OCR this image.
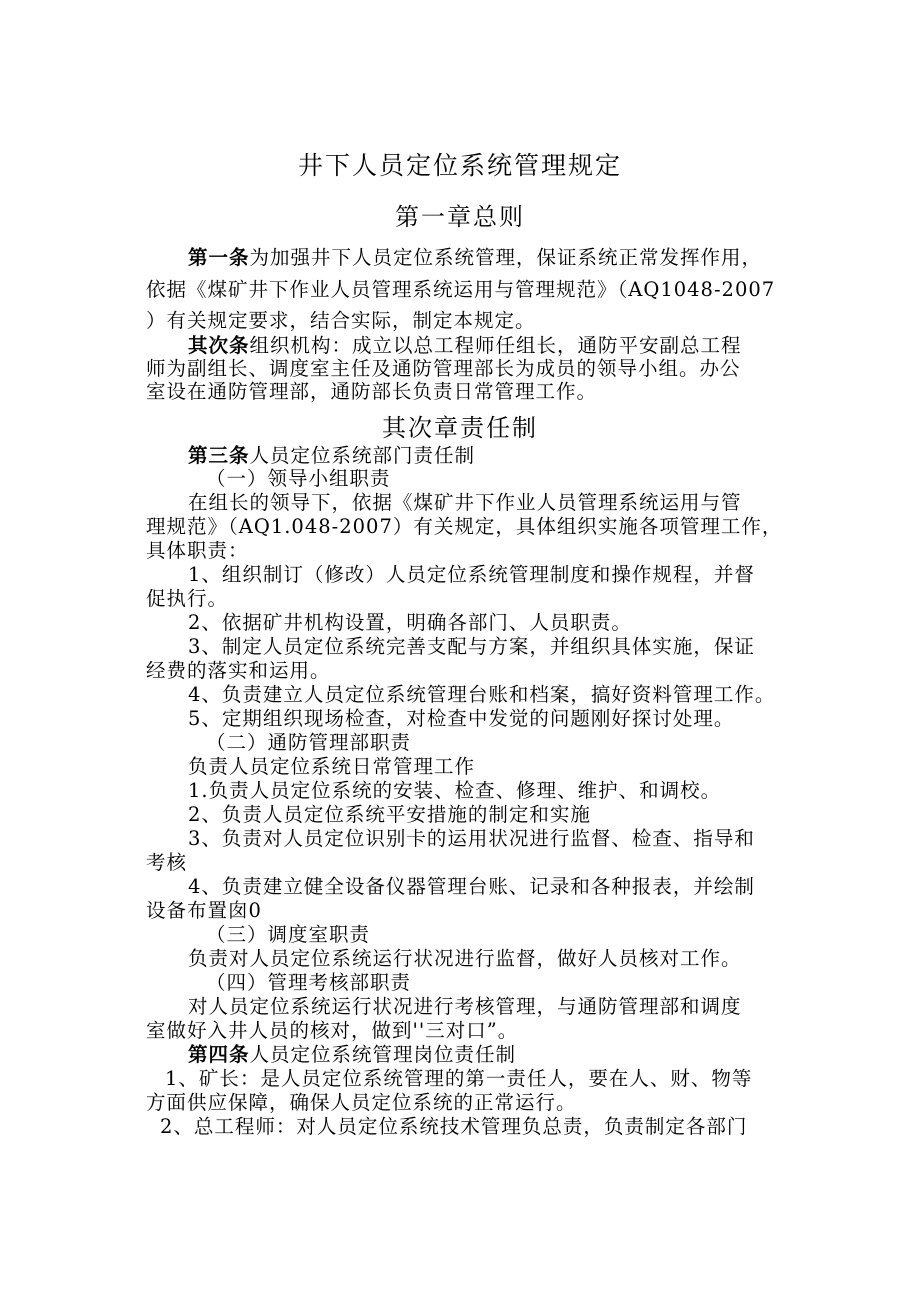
井下人员定位系统管理规定
第一章总则
第一条为加强井下人员定位系统管理，保证系统正常发挥作用，
依据《煤矿井下作业人员管理系统运用与管理规范》（AQ1048-2007
）有关规定要求，结合实际，制定本规定。
其次条组织机构：成立以总工程师任组长，通防平安副总工程
师为副组长、调度室主任及通防管理部长为成员的领导小组。办公
室设在通防管理部，通防部长负责日常管理工作。
其次章责任制
第三条人员定位系统部门责任制
（一）领导小组职责
在组长的领导下，依据《煤矿井下作业人员管理系统运用与管
理规范》（AQ1.048-2007）有关规定，具体组织实施各项管理工作，
具体职责：
1、组织制订（修改）人员定位系统管理制度和操作规程，并督
促执行。
2、依据矿井机构设置，明确各部门、人员职责。
3、制定人员定位系统完善支配与方案，并组织具体实施，保证
经费的落实和运用。
4、负责建立人员定位系统管理台账和档案，搞好资料管理工作。
5、定期组织现场检查，对检查中发觉的问题刚好探讨处理。
（二）通防管理部职责
负责人员定位系统日常管理工作
1.负责人员定位系统的安装、检查、修理、维护、和调校。
2、负责人员定位系统平安措施的制定和实施
3、负责对人员定位识别卡的运用状况进行监督、检查、指导和
考核
4、负责建立健全设备仪器管理台账、记录和各种报表，并绘制
设备布置囱0
（三）调度室职责
负责对人员定位系统运行状况进行监督，做好人员核对工作。
（四）管理考核部职责
对人员定位系统运行状况进行考核管理，与通防管理部和调度
室做好入井人员的核对，做到''三对口”。
第四条人员定位系统管理岗位责任制
1、矿长：是人员定位系统管理的第一责任人，要在人、财、物等
方面供应保障，确保人员定位系统的正常运行。
2、总工程师：对人员定位系统技术管理负总责，负责制定各部门
